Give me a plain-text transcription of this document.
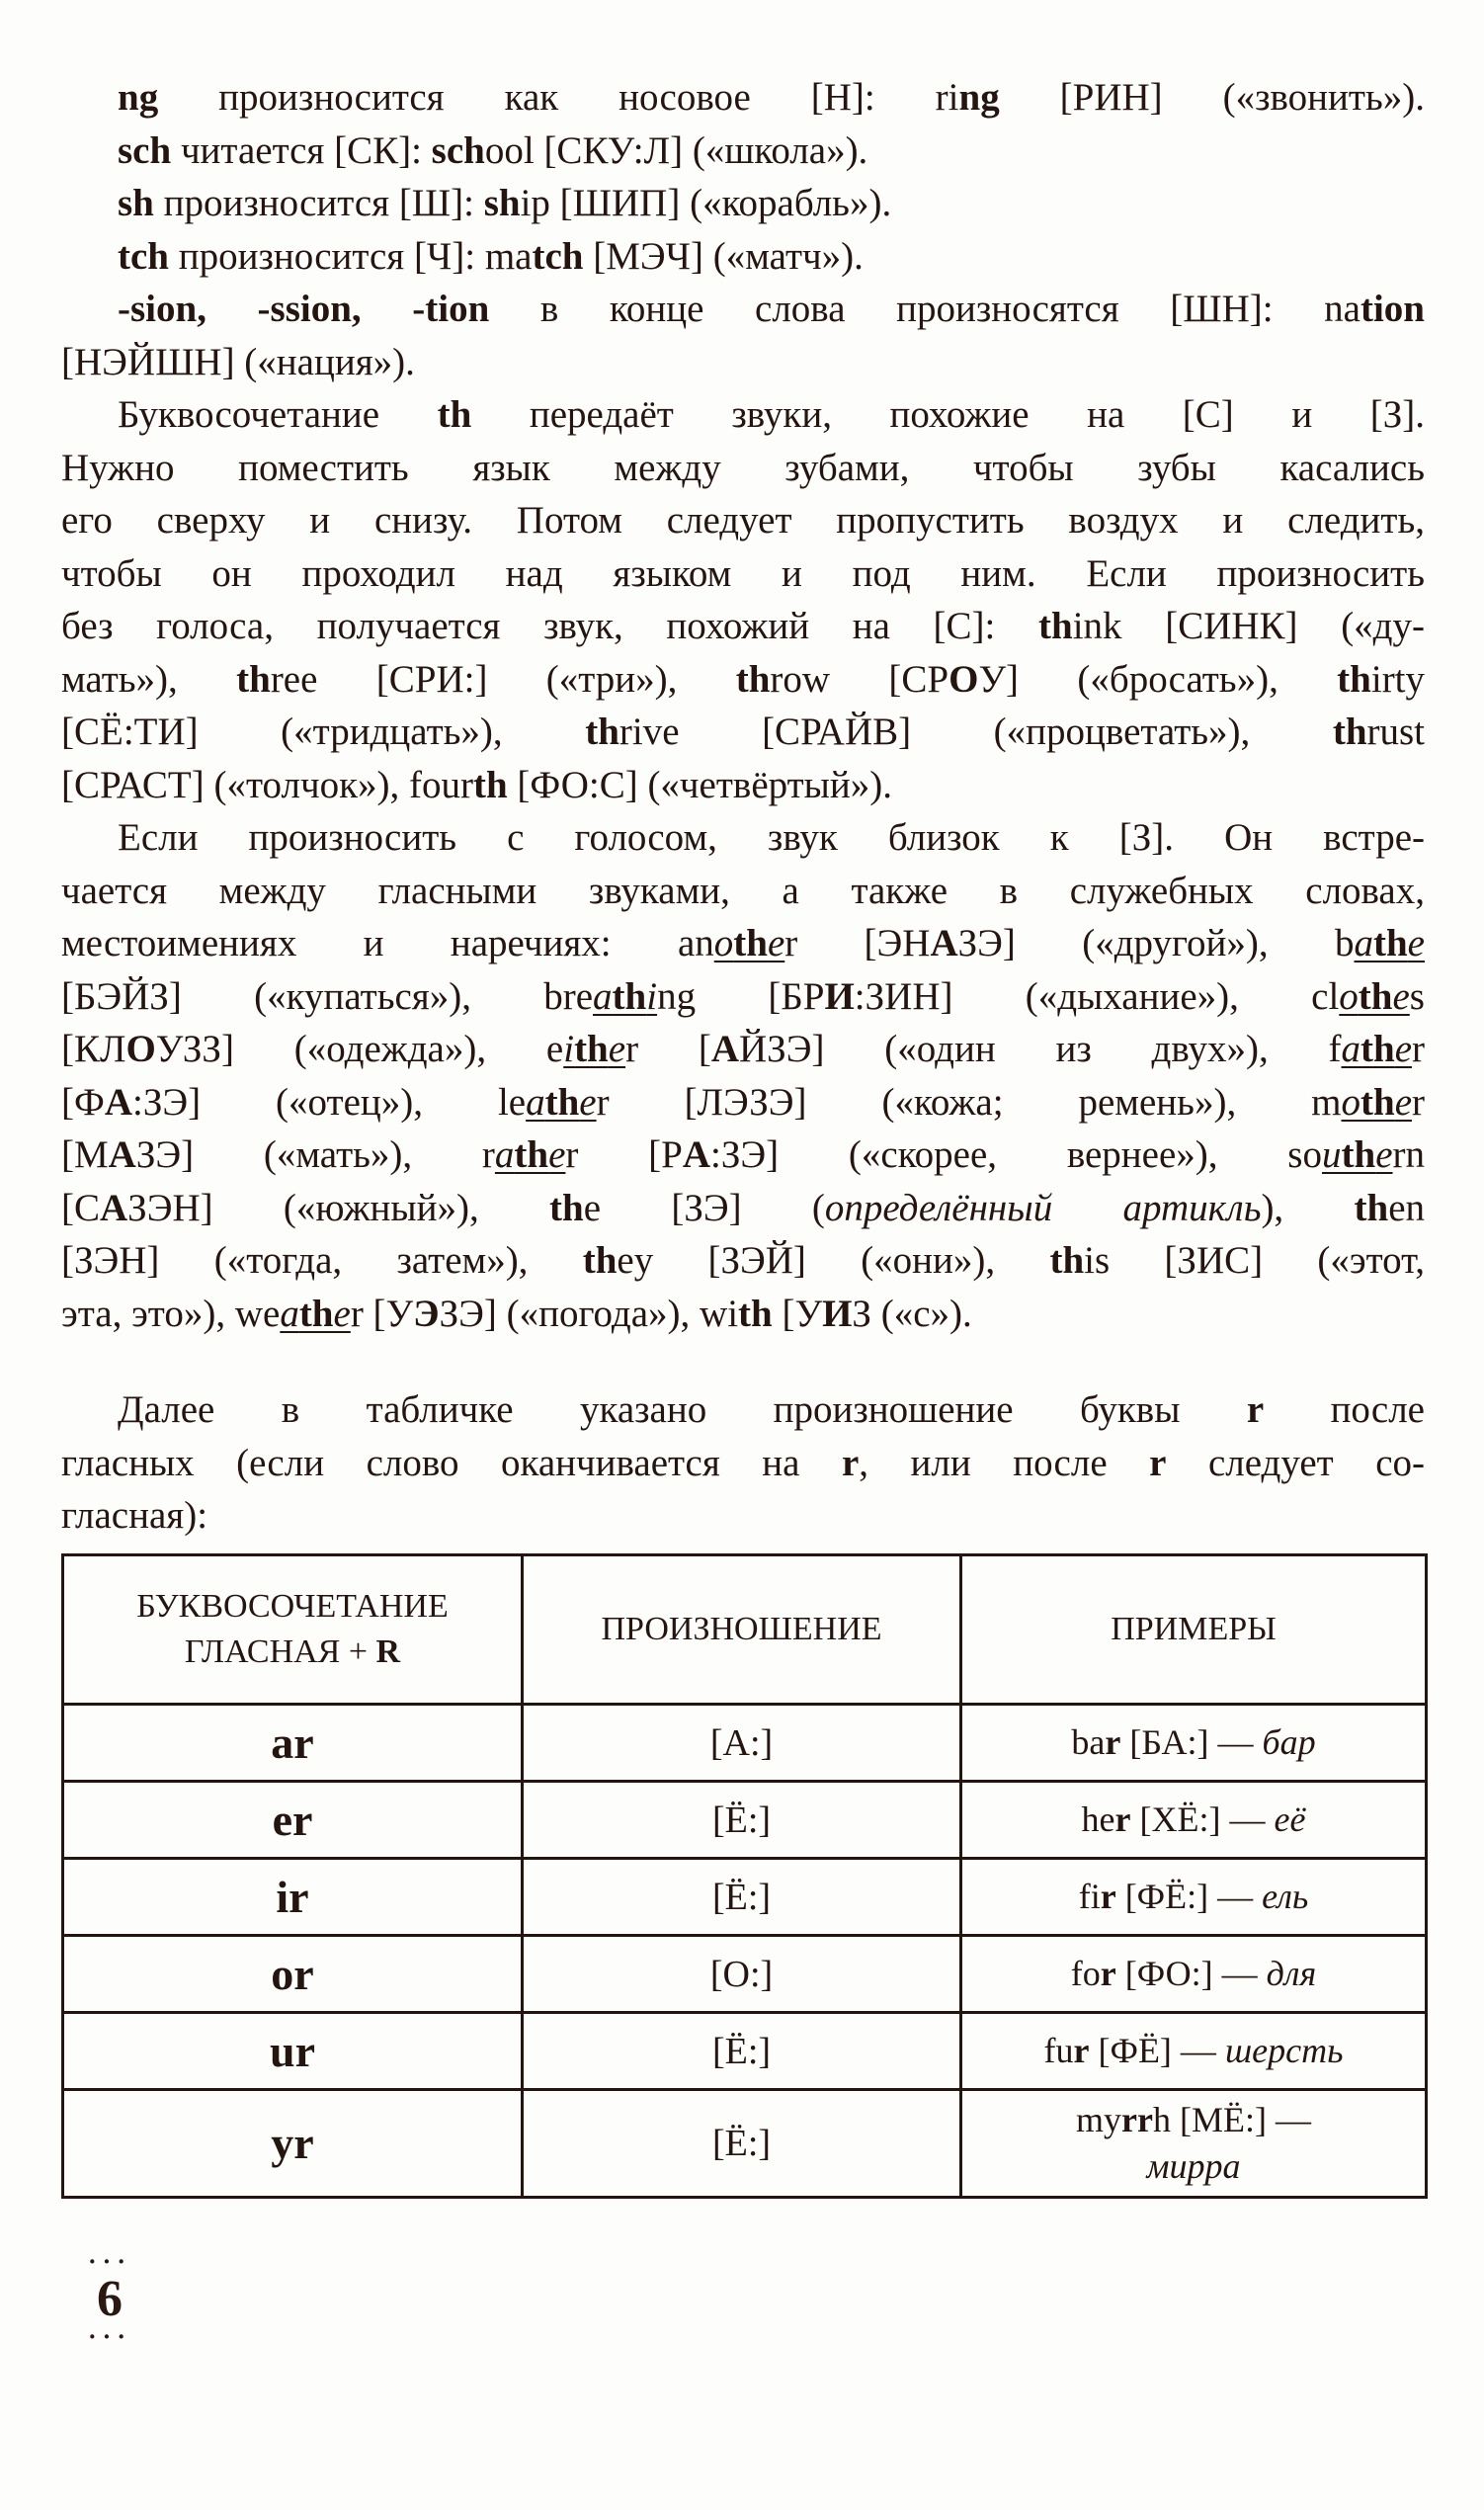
ng произносится как носовое [Н]: ring [РИН] («звонить»).
sch читается [СК]: school [СКУ:Л] («школа»).
sh произносится [Ш]: ship [ШИП] («корабль»).
tch произносится [Ч]: match [МЭЧ] («матч»).
-sion, -ssion, -tion в конце слова произносятся [ШН]: nation
[НЭЙШН] («нация»).
Буквосочетание th передаёт звуки, похожие на [С] и [З].
Нужно поместить язык между зубами, чтобы зубы касались
его сверху и снизу. Потом следует пропустить воздух и следить,
чтобы он проходил над языком и под ним. Если произносить
без голоса, получается звук, похожий на [С]: think [СИНК] («ду-
мать»), three [СРИ:] («три»), throw [СРОУ] («бросать»), thirty
[СЁ:ТИ] («тридцать»), thrive [СРАЙВ] («процветать»), thrust
[СРАСТ] («толчок»), fourth [ФО:С] («четвёртый»).
Если произносить с голосом, звук близок к [З]. Он встре-
чается между гласными звуками, а также в служебных словах,
местоимениях и наречиях: another [ЭНАЗЭ] («другой»), bathe
[БЭЙЗ] («купаться»), breathing [БРИ:ЗИН] («дыхание»), clothes
[КЛОУЗЗ] («одежда»), either [АЙЗЭ] («один из двух»), father
[ФА:ЗЭ] («отец»), leather [ЛЭЗЭ] («кожа; ремень»), mother
[МАЗЭ] («мать»), rather [РА:ЗЭ] («скорее, вернее»), southern
[САЗЭН] («южный»), the [ЗЭ] (определённый артикль), then
[ЗЭН] («тогда, затем»), they [ЗЭЙ] («они»), this [ЗИС] («этот,
эта, это»), weather [УЭЗЭ] («погода»), with [УИЗ («с»).
Далее в табличке указано произношение буквы r после
гласных (если слово оканчивается на r, или после r следует со-
гласная):
БУКВОСОЧЕТАНИЕ
ГЛАСНАЯ + R	ПРОИЗНОШЕНИЕ	ПРИМЕРЫ
ar	[А:]	bar [БА:] — бар
er	[Ё:]	her [ХЁ:] — её
ir	[Ё:]	fir [ФЁ:] — ель
or	[О:]	for [ФО:] — для
ur	[Ё:]	fur [ФЁ] — шерсть
yr	[Ё:]	myrrh [МЁ:] —
мирра
···
6
···
